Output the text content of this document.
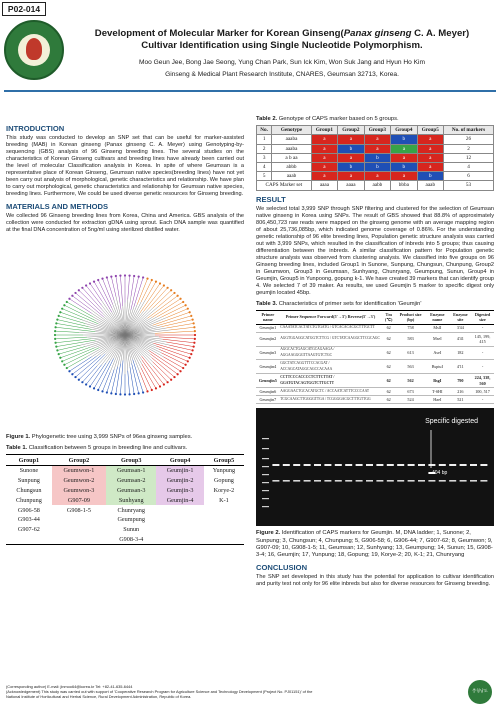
P02-014
Development of Molecular Marker for Korean Ginseng(Panax ginseng C. A. Meyer)
Cultivar Identification using Single Nucleotide Polymorphism.
Moo Geun Jee, Bong Jae Seong, Yung Chan Park, Sun Ick Kim, Won Suk Jang and Hyun Ho Kim
Ginseng & Medical Plant Research Institute, CNARES, Geumsan 32713, Korea.
INTRODUCTION

This study was conducted to develop an SNP set that can be useful for marker-assisted breeding (MAB) in Korean ginseng (Panax ginseng C. A. Meyer) using Genotyping-by-sequencing (GBS) analysis of 96 Ginseng breeding lines. The several studies on the characteristics of Korean Ginseng cultivars and breeding lines have already been carried out the level of molecular Classification analysis in Korea. In spite of where Geumsan is a representative place of Korean Ginseng, Geumsan native species(breeding lines) have not yet been carry out analysis of morphological, genetic characteristics and relationship. We have plan to carry out morphological, genetic characteristics and relationship for Geumsan native species, breeding lines. Furthermore, We could be used diverse genetic resources for Ginseng breeding.

MATERIALS AND METHODS

We collected 96 Ginseng breeding lines from Korea, China and America. GBS analysis of the collection were conducted for extraction gDNA using sprout. Each DNA sample was quantified at the final DNA concentration of 5ng/ml using sterilized distilled water.

Figure 1. Phylogenetic tree using 3,999 SNPs of 96ea ginseng samples.
Table 1. Classification between 5 groups in breeding line and cultivars.
Group1	Group2	Group3	Group4	Group5
Sunone	Geumwon-1	Geumsan-1	Geumjin-1	Yunpung
Sunpung	Geumwon-2	Geumsan-2	Geumjin-2	Gopung
Chungsun	Geumwon-3	Geumsan-3	Geumjin-3	Korye-2
Chunpung	G907-09	Sunhyang	Geumjin-4	K-1
G906-58	G908-1-5	Chunryang		
G903-44		Geumpung		
G907-62		Sunun		
		G908-3-4		
Table 2. Genotype of CAPS marker based on 5 groups.
No.	Genotype	Group1	Group2	Group3	Group4	Group5	No. of markers
1	aaaba	a	a	a	b	a	26
2	aaaba	a	b	a	a	a	2
3	a b aa	a	a	b	a	a	12
4	abbb	a	b	b	b	a	4
5	aaab	a	a	a	a	b	6
CAPS Marker set		aaaa	aaaa	aabb	bbba	aaab	53
RESULT

We selected total 3,999 SNP through SNP filtering and clustered for the selection of Geumsan native ginseng in Korea using SNPs. The result of GBS showed that 88.8% of approximately 806,450,723 raw reads were mapped on the ginseng genome with an average mapping region of about 25,736,085bp, which indicated genome coverage of 0.86%. For the understanding genetic relationship of 96 elite breeding lines, Population genetic structure analysis was carried out with 3,999 SNPs, which resulted in the classification of inbreds into 5 groups; thus causing differentiation between the inbreds. A similar classification pattern for Population genetic structure analysis was observed from clustering analysis. We classified into five groups on 96 Ginseng breeding lines, included Group1 in Sunone, Sunpung, Chungsun, Chunpung, Group2 in Geumwon, Group3 in Geumsan, Sunhyang, Chunryang, Geumpung, Sunun, Group4 in Geumjin, Group5 in Yunpoong, gopung k-1. We have created 39 markers that can identify group 4. We selected 7 of 39 maker. As results, we used Geumjin 5 marker to specific digest only geumjin located 45bp.

Table 3. Characteristics of primer sets for identification 'Geumjin'
Primer name	Primer Sequence Forward(5'→3') Reverse(5'→3')	Tm (℃)	Product size (bp)	Enzyme name	Enzyme site	Digested size
Geumjin1	CAAATATCACTATCTGTGATG / GTCACACACGCTTTGCTT	62	758	MslI	3'44	-
Geumjin2	AGGTGGAGGCATGGTCTTCG / GTCTATCAAGGCTTCGCAGC	62	583	MseI	4'41	145, 199, 415
Geumjin3	AGGCACTGAGCATGCAGAAGA / AGGAAGGGGTTAAGTGTCTGC	62	613	AseI	182	-
Geumjin4	GGCTATCAGGTTTCCACGAT / ACCAGCATAGGCAGCCACAAA	62	563	BsptuI	4'11	-
Geumjin5	CCTTCCCACCCCTCTTCTTAT / GGATGTACAGTGGTCTTGCTT	62	562	BsgI	790	224, 338, 560
Geumjin6	AAGGAACTGCACATGCTC / ACCAATCATTTCCCCAAT	62	673	T-SHI	216	100, 517
Geumjin7	TCGCAAGCTTGGGGTTGA / TCGGGGACGCTTTGTTGG	62	524	HaeI	521	-
404 bp
Specific digested
Figure 2. Identification of CAPS markers for Geumjin. M, DNA ladder; 1, Sunone; 2, Sunpung; 3, Chungsun; 4, Chunpung; 5, G906-58; 6, G906-44; 7, G907-62; 8, Geumwon; 9, G907-09; 10, G908-1-5; 11, Geumsan; 12, Sunhyang; 13, Geumpung; 14, Sunun; 15, G908-3-4; 16, Geumjin; 17, Yunpung; 18, Gopung; 19, Korye-2; 20, K-1; 21, Chunryang
CONCLUSION

The SNP set developed in this study has the potential for application to cultivar identification and purity test not only for 96 elite inbreds but also for diverse resources for Ginseng breeding.

(Corresponding author) E-mail: jinmoo64@korea.kr Tel: +82-41-635-6444
(Acknowledgement) This study was carried out with support of 'Cooperative Research Program for Agriculture Science and Technology Development (Project No. PJ01151)' of the
National Institute of Horticultural and Herbal Science, Rural Development Administration, Republic of Korea.
충청남도
